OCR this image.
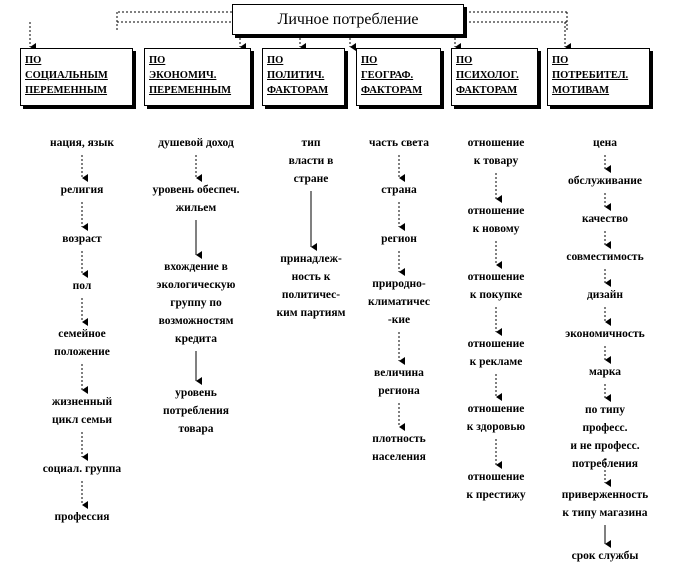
Личное потребление
ПО
СОЦИАЛЬНЫМ
ПЕРЕМЕННЫМ
ПО
ЭКОНОМИЧ.
ПЕРЕМЕННЫМ
ПО
ПОЛИТИЧ.
ФАКТОРАМ
ПО
ГЕОГРАФ.
ФАКТОРАМ
ПО
ПСИХОЛОГ.
ФАКТОРАМ
ПО
ПОТРЕБИТЕЛ.
МОТИВАМ
нация, язык
религия
возраст
пол
семейное
положение
жизненный
цикл семьи
социал. группа
профессия
душевой доход
уровень обеспеч.
жильем
вхождение в
экологическую
группу по
возможностям
кредита
уровень
потребления
товара
тип
власти в
стране
принадлеж-
ность к
политичес-
ким партиям
часть света
страна
регион
природно-
климатичес
-кие
величина
региона
плотность
населения
отношение
к товару
отношение
к новому
отношение
к покупке
отношение
к рекламе
отношение
к здоровью
отношение
к престижу
цена
обслуживание
качество
совместимость
дизайн
экономичность
марка
по типу професс.
и не професс.
потребления
приверженность
к типу магазина
срок службы
